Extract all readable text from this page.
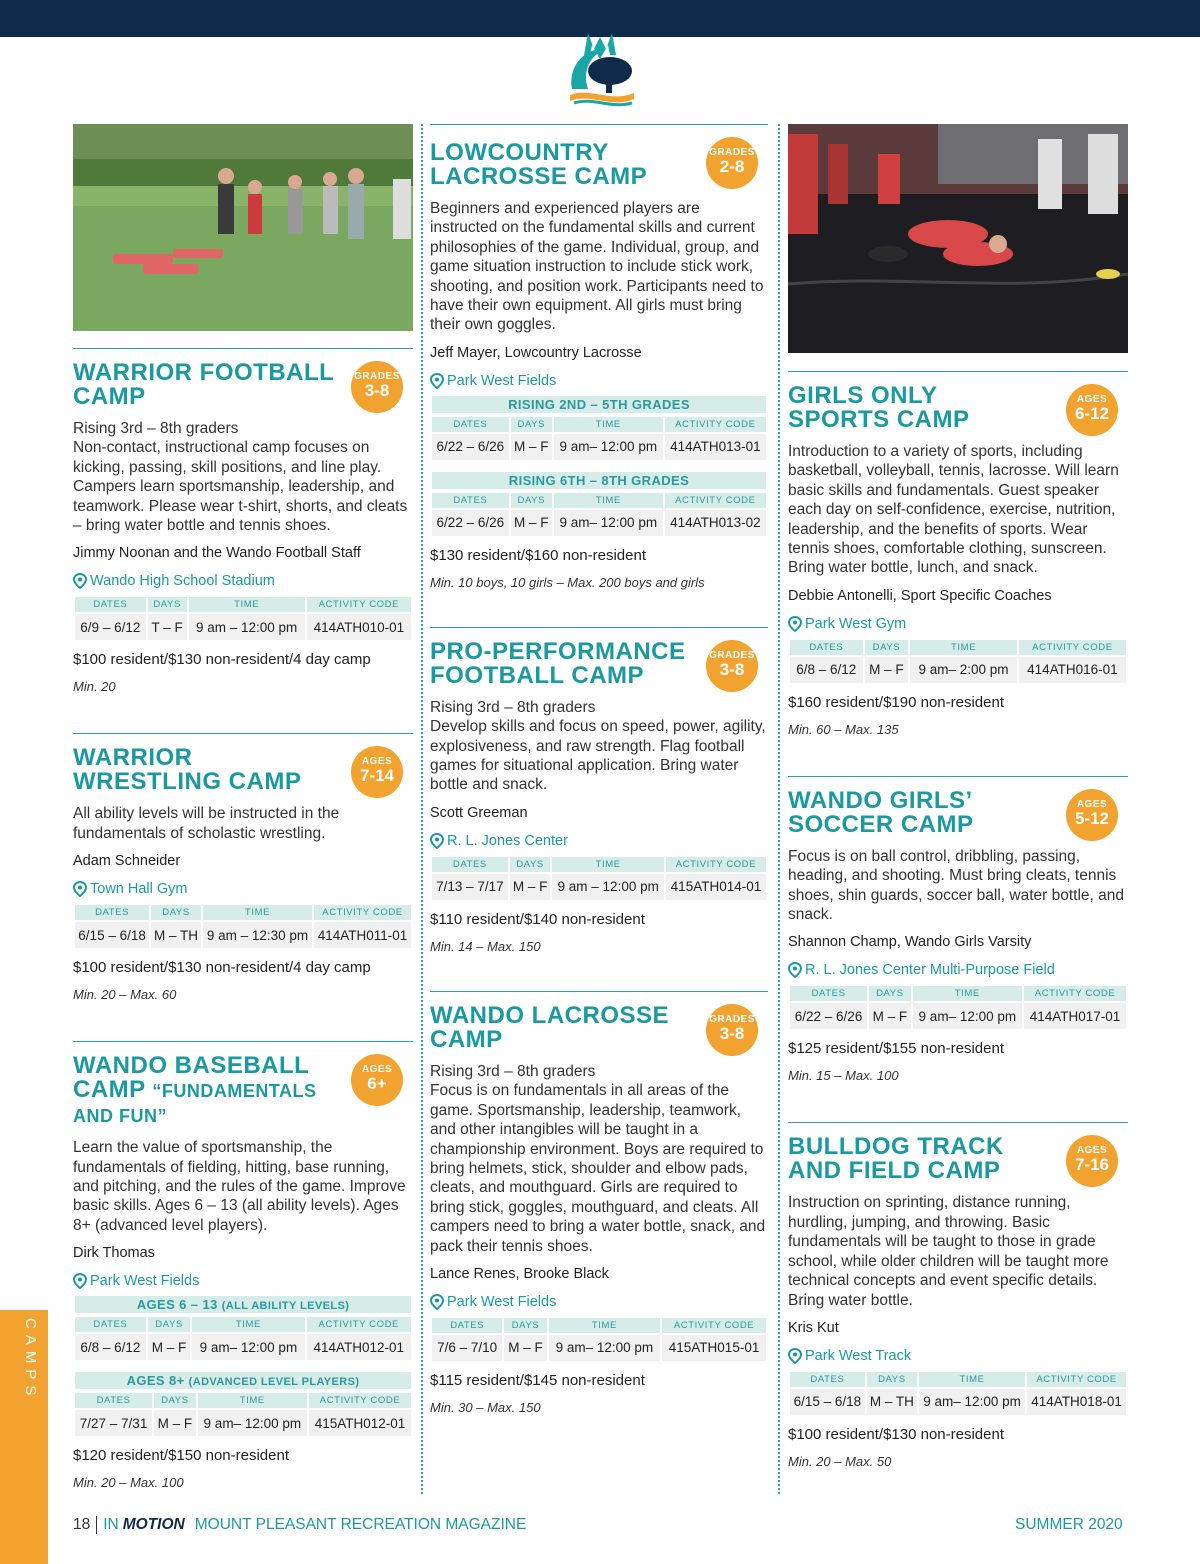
WARRIOR FOOTBALL CAMP
GRADES
3-8
Rising 3rd – 8th graders
Non-contact, instructional camp focuses on kicking, passing, skill positions, and line play. Campers learn sportsmanship, leadership, and teamwork. Please wear t-shirt, shorts, and cleats – bring water bottle and tennis shoes.
Jimmy Noonan and the Wando Football Staff
Wando High School Stadium
DATES	DAYS	TIME	ACTIVITY CODE
6/9 – 6/12	T – F	9 am – 12:00 pm	414ATH010-01
$100 resident/$130 non-resident/4 day camp
Min. 20
WARRIOR WRESTLING CAMP
AGES
7-14
All ability levels will be instructed in the fundamentals of scholastic wrestling.
Adam Schneider
Town Hall Gym
DATES	DAYS	TIME	ACTIVITY CODE
6/15 – 6/18	M – TH	9 am – 12:30 pm	414ATH011-01
$100 resident/$130 non-resident/4 day camp
Min. 20 – Max. 60
WANDO BASEBALL CAMP “FUNDAMENTALS AND FUN”
AGES
6+
Learn the value of sportsmanship, the fundamentals of fielding, hitting, base running, and pitching, and the rules of the game. Improve basic skills. Ages 6 – 13 (all ability levels). Ages 8+ (advanced level players).
Dirk Thomas
Park West Fields
AGES 6 – 13 (ALL ABILITY LEVELS)
DATES	DAYS	TIME	ACTIVITY CODE
6/8 – 6/12	M – F	9 am– 12:00 pm	414ATH012-01
AGES 8+ (ADVANCED LEVEL PLAYERS)
DATES	DAYS	TIME	ACTIVITY CODE
7/27 – 7/31	M – F	9 am– 12:00 pm	415ATH012-01
$120 resident/$150 non-resident
Min. 20 – Max. 100
LOWCOUNTRY LACROSSE CAMP
GRADES
2-8
Beginners and experienced players are instructed on the fundamental skills and current philosophies of the game. Individual, group, and game situation instruction to include stick work, shooting, and position work. Participants need to have their own equipment. All girls must bring their own goggles.
Jeff Mayer, Lowcountry Lacrosse
Park West Fields
RISING 2ND – 5TH GRADES
DATES	DAYS	TIME	ACTIVITY CODE
6/22 – 6/26	M – F	9 am– 12:00 pm	414ATH013-01
RISING 6TH – 8TH GRADES
DATES	DAYS	TIME	ACTIVITY CODE
6/22 – 6/26	M – F	9 am– 12:00 pm	414ATH013-02
$130 resident/$160 non-resident
Min. 10 boys, 10 girls – Max. 200 boys and girls
PRO-PERFORMANCE FOOTBALL CAMP
GRADES
3-8
Rising 3rd – 8th graders
Develop skills and focus on speed, power, agility, explosiveness, and raw strength. Flag football games for situational application. Bring water bottle and snack.
Scott Greeman
R. L. Jones Center
DATES	DAYS	TIME	ACTIVITY CODE
7/13 – 7/17	M – F	9 am – 12:00 pm	415ATH014-01
$110 resident/$140 non-resident
Min. 14 – Max. 150
WANDO LACROSSE CAMP
GRADES
3-8
Rising 3rd – 8th graders
Focus is on fundamentals in all areas of the game. Sportsmanship, leadership, teamwork, and other intangibles will be taught in a championship environment. Boys are required to bring helmets, stick, shoulder and elbow pads, cleats, and mouthguard. Girls are required to bring stick, goggles, mouthguard, and cleats. All campers need to bring a water bottle, snack, and pack their tennis shoes.
Lance Renes, Brooke Black
Park West Fields
DATES	DAYS	TIME	ACTIVITY CODE
7/6 – 7/10	M – F	9 am– 12:00 pm	415ATH015-01
$115 resident/$145 non-resident
Min. 30 – Max. 150
GIRLS ONLY SPORTS CAMP
AGES
6-12
Introduction to a variety of sports, including basketball, volleyball, tennis, lacrosse. Will learn basic skills and fundamentals. Guest speaker each day on self-confidence, exercise, nutrition, leadership, and the benefits of sports. Wear tennis shoes, comfortable clothing, sunscreen. Bring water bottle, lunch, and snack.
Debbie Antonelli, Sport Specific Coaches
Park West Gym
DATES	DAYS	TIME	ACTIVITY CODE
6/8 – 6/12	M – F	9 am– 2:00 pm	414ATH016-01
$160 resident/$190 non-resident
Min. 60 – Max. 135
WANDO GIRLS’ SOCCER CAMP
AGES
5-12
Focus is on ball control, dribbling, passing, heading, and shooting. Must bring cleats, tennis shoes, shin guards, soccer ball, water bottle, and snack.
Shannon Champ, Wando Girls Varsity
R. L. Jones Center Multi-Purpose Field
DATES	DAYS	TIME	ACTIVITY CODE
6/22 – 6/26	M – F	9 am– 12:00 pm	414ATH017-01
$125 resident/$155 non-resident
Min. 15 – Max. 100
BULLDOG TRACK AND FIELD CAMP
AGES
7-16
Instruction on sprinting, distance running, hurdling, jumping, and throwing. Basic fundamentals will be taught to those in grade school, while older children will be taught more technical concepts and event specific details. Bring water bottle.
Kris Kut
Park West Track
DATES	DAYS	TIME	ACTIVITY CODE
6/15 – 6/18	M – TH	9 am– 12:00 pm	414ATH018-01
$100 resident/$130 non-resident
Min. 20 – Max. 50
CAMPS
18 IN MOTION MOUNT PLEASANT RECREATION MAGAZINE	SUMMER 2020
